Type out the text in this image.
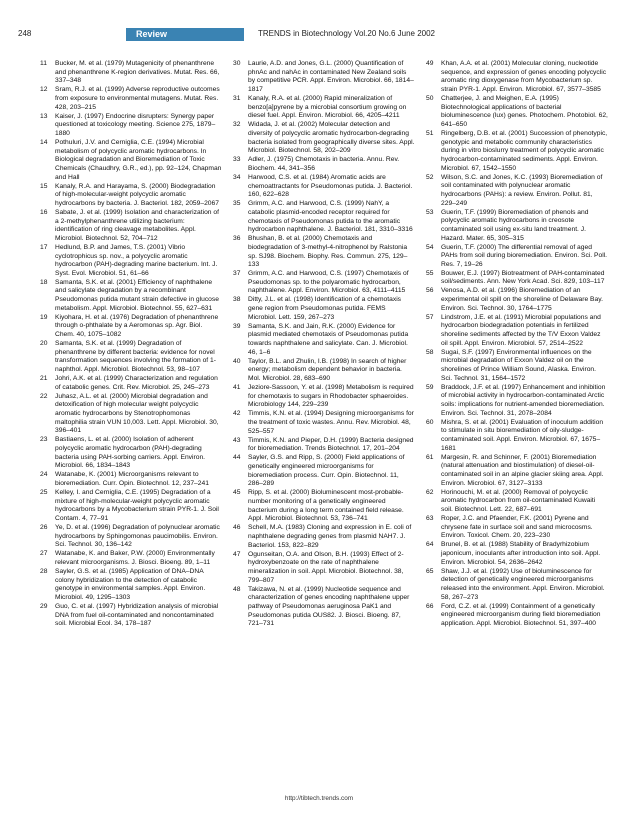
248	Review	TRENDS in Biotechnology Vol.20 No.6 June 2002
11 Bucker, M. et al. (1979) Mutagenicity of phenanthrene and phenanthrene K-region derivatives. Mutat. Res. 66, 337–348
12 Sram, R.J. et al. (1999) Adverse reproductive outcomes from exposure to environmental mutagens. Mutat. Res. 428, 203–215
13 Kaiser, J. (1997) Endocrine disrupters: Synergy paper questioned at toxicology meeting. Science 275, 1879–1880
14 Pothuluri, J.V. and Cerniglia, C.E. (1994) Microbial metabolism of polycyclic aromatic hydrocarbons. In Biological degradation and Bioremediation of Toxic Chemicals (Chaudhry, G.R., ed.), pp. 92–124, Chapman and Hall
15 Kanaly, R.A. and Harayama, S. (2000) Biodegradation of high-molecular-weight polycyclic aromatic hydrocarbons by bacteria. J. Bacteriol. 182, 2059–2067
16 Sabate, J. et al. (1999) Isolation and characterization of a 2-methylphenanthrene utilizing bacterium: identification of ring cleavage metabolites. Appl. Microbiol. Biotechnol. 52, 704–712
17 Hedlund, B.P. and James, T.S. (2001) Vibrio cyclotrophicus sp. nov., a polycyclic aromatic hydrocarbon (PAH)-degrading marine bacterium. Int. J. Syst. Evol. Microbiol. 51, 61–66
18 Samanta, S.K. et al. (2001) Efficiency of naphthalene and salicylate degradation by a recombinant Pseudomonas putida mutant strain defective in glucose metabolism. Appl. Microbiol. Biotechnol. 55, 627–631
19 Kiyohara, H. et al. (1976) Degradation of phenanthrene through o-phthalate by a Aeromonas sp. Agr. Biol. Chem. 40, 1075–1082
20 Samanta, S.K. et al. (1999) Degradation of phenanthrene by different bacteria: evidence for novel transformation sequences involving the formation of 1-naphthol. Appl. Microbiol. Biotechnol. 53, 98–107
21 Johri, A.K. et al. (1999) Characterization and regulation of catabolic genes. Crit. Rev. Microbiol. 25, 245–273
22 Juhasz, A.L. et al. (2000) Microbial degradation and detoxification of high molecular weight polycyclic aromatic hydrocarbons by Stenotrophomonas maltophilia strain VUN 10,003. Lett. Appl. Microbiol. 30, 396–401
23 Bastiaens, L. et al. (2000) Isolation of adherent polycyclic aromatic hydrocarbon (PAH)-degrading bacteria using PAH-sorbing carriers. Appl. Environ. Microbiol. 66, 1834–1843
24 Watanabe, K. (2001) Microorganisms relevant to bioremediation. Curr. Opin. Biotechnol. 12, 237–241
25 Kelley, I. and Cerniglia, C.E. (1995) Degradation of a mixture of high-molecular-weight polycyclic aromatic hydrocarbons by a Mycobacterium strain PYR-1. J. Soil Contam. 4, 77–91
26 Ye, D. et al. (1996) Degradation of polynuclear aromatic hydrocarbons by Sphingomonas paucimobilis. Environ. Sci. Technol. 30, 136–142
27 Watanabe, K. and Baker, P.W. (2000) Environmentally relevant microorganisms. J. Biosci. Bioeng. 89, 1–11
28 Sayler, G.S. et al. (1985) Application of DNA–DNA colony hybridization to the detection of catabolic genotype in environmental samples. Appl. Environ. Microbiol. 49, 1295–1303
29 Guo, C. et al. (1997) Hybridization analysis of microbial DNA from fuel oil-contaminated and noncontaminated soil. Microbial Ecol. 34, 178–187
30 Laurie, A.D. and Jones, G.L. (2000) Quantification of phnAc and nahAc in contaminated New Zealand soils by competitive PCR. Appl. Environ. Microbiol. 66, 1814–1817
31 Kanaly, R.A. et al. (2000) Rapid mineralization of benzo[a]pyrene by a microbial consortium growing on diesel fuel. Appl. Environ. Microbiol. 66, 4205–4211
32 Widada, J. et al. (2002) Molecular detection and diversity of polycyclic aromatic hydrocarbon-degrading bacteria isolated from geographically diverse sites. Appl. Microbiol. Biotechnol. 58, 202–209
33 Adler, J. (1975) Chemotaxis in bacteria. Annu. Rev. Biochem. 44, 341–356
34 Harwood, C.S. et al. (1984) Aromatic acids are chemoattractants for Pseudomonas putida. J. Bacteriol. 160, 622–628
35 Grimm, A.C. and Harwood, C.S. (1999) NahY, a catabolic plasmid-encoded receptor required for chemotaxis of Pseudomonas putida to the aromatic hydrocarbon naphthalene. J. Bacteriol. 181, 3310–3316
36 Bhushan, B. et al. (2000) Chemotaxis and biodegradation of 3-methyl-4-nitrophenol by Ralstonia sp. SJ98. Biochem. Biophy. Res. Commun. 275, 129–133
37 Grimm, A.C. and Harwood, C.S. (1997) Chemotaxis of Pseudomonas sp. to the polyaromatic hydrocarbon, naphthalene. Appl. Environ. Microbiol. 63, 4111–4115
38 Ditty, J.L. et al. (1998) Identification of a chemotaxis gene region from Pseudomonas putida. FEMS Microbiol. Lett. 159, 267–273
39 Samanta, S.K. and Jain, R.K. (2000) Evidence for plasmid mediated chemotaxis of Pseudomonas putida towards naphthalene and salicylate. Can. J. Microbiol. 46, 1–6
40 Taylor, B.L. and Zhulin, I.B. (1998) In search of higher energy; metabolism dependent behavior in bacteria. Mol. Microbiol. 28, 683–690
41 Jeziore-Sassoon, Y. et al. (1998) Metabolism is required for chemotaxis to sugars in Rhodobacter sphaeroides. Microbiology 144, 229–239
42 Timmis, K.N. et al. (1994) Designing microorganisms for the treatment of toxic wastes. Annu. Rev. Microbiol. 48, 525–557
43 Timmis, K.N. and Pieper, D.H. (1999) Bacteria designed for bioremediation. Trends Biotechnol. 17, 201–204
44 Sayler, G.S. and Ripp, S. (2000) Field applications of genetically engineered microorganisms for bioremediation process. Curr. Opin. Biotechnol. 11, 286–289
45 Ripp, S. et al. (2000) Bioluminescent most-probable-number monitoring of a genetically engineered bacterium during a long term contained field release. Appl. Microbiol. Biotechnol. 53, 736–741
46 Schell, M.A. (1983) Cloning and expression in E. coli of naphthalene degrading genes from plasmid NAH7. J. Bacteriol. 153, 822–829
47 Ogunseitan, O.A. and Olson, B.H. (1993) Effect of 2-hydroxybenzoate on the rate of naphthalene mineralization in soil. Appl. Microbiol. Biotechnol. 38, 799–807
48 Takizawa, N. et al. (1999) Nucleotide sequence and characterization of genes encoding naphthalene upper pathway of Pseudomonas aeruginosa PaK1 and Pseudomonas putida OUS82. J. Biosci. Bioeng. 87, 721–731
49 Khan, A.A. et al. (2001) Molecular cloning, nucleotide sequence, and expression of genes encoding polycyclic aromatic ring dioxygenase from Mycobacterium sp. strain PYR-1. Appl. Environ. Microbiol. 67, 3577–3585
50 Chatterjee, J. and Meighen, E.A. (1995) Biotechnological applications of bacterial bioluminescence (lux) genes. Photochem. Photobiol. 62, 641–650
51 Ringelberg, D.B. et al. (2001) Succession of phenotypic, genotypic and metabolic community characteristics during in vitro bioslurry treatment of polycyclic aromatic hydrocarbon-contaminated sediments. Appl. Environ. Microbiol. 67, 1542–1550
52 Wilson, S.C. and Jones, K.C. (1993) Bioremediation of soil contaminated with polynuclear aromatic hydrocarbons (PAHs): a review. Environ. Pollut. 81, 229–249
53 Guerin, T.F. (1999) Bioremediation of phenols and polycyclic aromatic hydrocarbons in creosote contaminated soil using ex-situ land treatment. J. Hazard. Mater. 65, 305–315
54 Guerin, T.F. (2000) The differential removal of aged PAHs from soil during bioremediation. Environ. Sci. Poll. Res. 7, 19–26
55 Bouwer, E.J. (1997) Biotreatment of PAH-contaminated soil/sediments. Ann. New York Acad. Sci. 829, 103–117
56 Venosa, A.D. et al. (1996) Bioremediation of an experimental oil spill on the shoreline of Delaware Bay. Environ. Sci. Technol. 30, 1764–1775
57 Lindstrom, J.E. et al. (1991) Microbial populations and hydrocarbon biodegradation potentials in fertilized shoreline sediments affected by the T/V Exxon Valdez oil spill. Appl. Environ. Microbiol. 57, 2514–2522
58 Sugai, S.F. (1997) Environmental influences on the microbial degradation of Exxon Valdez oil on the shorelines of Prince William Sound, Alaska. Environ. Sci. Technol. 31, 1564–1572
59 Braddock, J.F. et al. (1997) Enhancement and inhibition of microbial activity in hydrocarbon-contaminated Arctic soils: implications for nutrient-amended bioremediation. Environ. Sci. Technol. 31, 2078–2084
60 Mishra, S. et al. (2001) Evaluation of inoculum addition to stimulate in situ bioremediation of oily-sludge-contaminated soil. Appl. Environ. Microbiol. 67, 1675–1681
61 Margesin, R. and Schinner, F. (2001) Bioremediation (natural attenuation and biostimulation) of diesel-oil-contaminated soil in an alpine glacier skiing area. Appl. Environ. Microbiol. 67, 3127–3133
62 Horinouchi, M. et al. (2000) Removal of polycyclic aromatic hydrocarbon from oil-contaminated Kuwaiti soil. Biotechnol. Lett. 22, 687–691
63 Roper, J.C. and Pfaender, F.K. (2001) Pyrene and chrysene fate in surface soil and sand microcosms. Environ. Toxicol. Chem. 20, 223–230
64 Brunel, B. et al. (1988) Stability of Bradyrhizobium japonicum, inoculants after introduction into soil. Appl. Environ. Microbiol. 54, 2636–2642
65 Shaw, J.J. et al. (1992) Use of bioluminescence for detection of genetically engineered microorganisms released into the environment. Appl. Environ. Microbiol. 58, 267–273
66 Ford, C.Z. et al. (1999) Containment of a genetically engineered microorganism during field bioremediation application. Appl. Microbiol. Biotechnol. 51, 397–400
http://tibtech.trends.com
